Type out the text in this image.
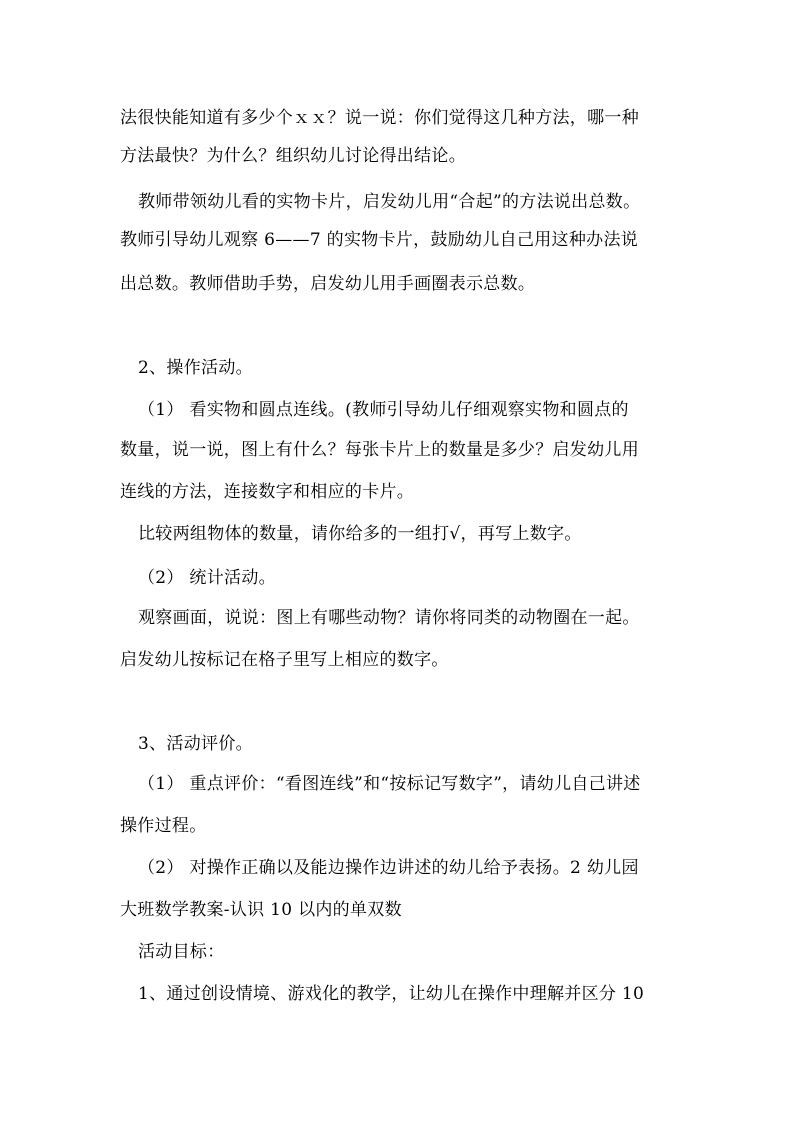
法很快能知道有多少个ｘｘ？说一说：你们觉得这几种方法，哪一种
方法最快？为什么？组织幼儿讨论得出结论。
教师带领幼儿看的实物卡片，启发幼儿用“合起”的方法说出总数。
教师引导幼儿观察 6——7 的实物卡片，鼓励幼儿自己用这种办法说
出总数。教师借助手势，启发幼儿用手画圈表示总数。
2、操作活动。
（1） 看实物和圆点连线。(教师引导幼儿仔细观察实物和圆点的
数量，说一说，图上有什么？每张卡片上的数量是多少？启发幼儿用
连线的方法，连接数字和相应的卡片。
比较两组物体的数量，请你给多的一组打√，再写上数字。
（2） 统计活动。
观察画面，说说：图上有哪些动物？请你将同类的动物圈在一起。
启发幼儿按标记在格子里写上相应的数字。
3、活动评价。
（1） 重点评价：“看图连线”和“按标记写数字”，请幼儿自己讲述
操作过程。
（2） 对操作正确以及能边操作边讲述的幼儿给予表扬。2 幼儿园
大班数学教案-认识 10 以内的单双数
活动目标：
1、通过创设情境、游戏化的教学，让幼儿在操作中理解并区分 10
